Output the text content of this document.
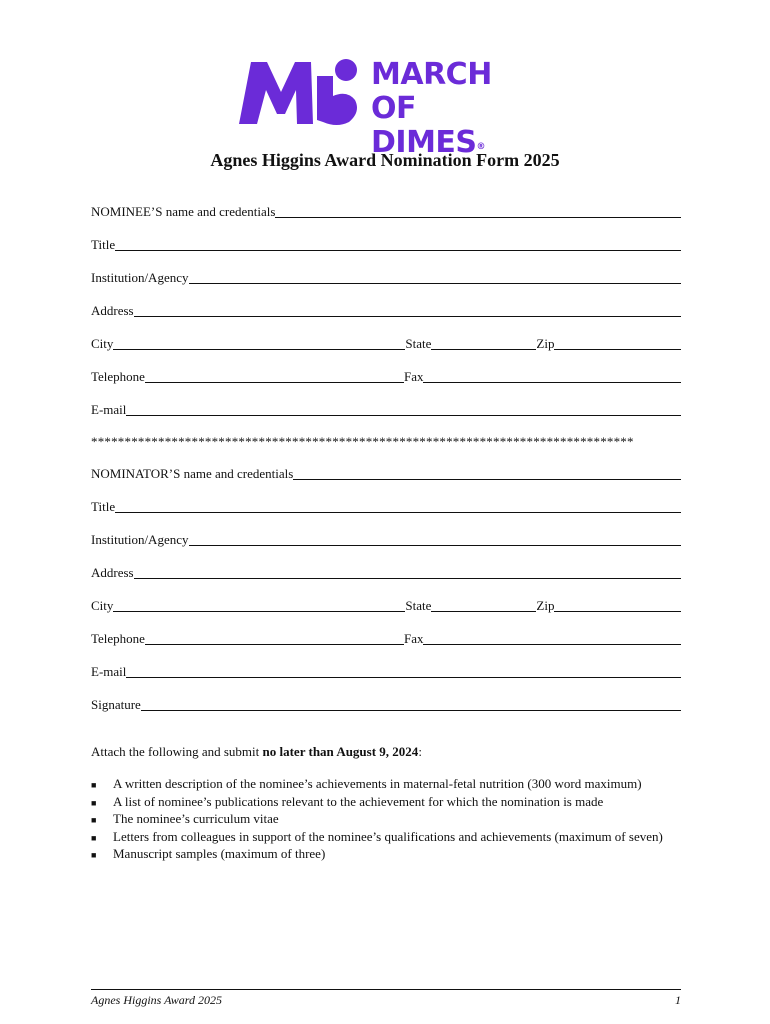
MARCH
OF DIMES®
Agnes Higgins Award Nomination Form 2025
NOMINEE’S name and credentials
Title
Institution/Agency
Address
City	State	Zip
Telephone	Fax
E-mail
*********************************************************************************
NOMINATOR’S name and credentials
Title
Institution/Agency
Address
City	State	Zip
Telephone	Fax
E-mail
Signature
Attach the following and submit no later than August 9, 2024:
■	A written description of the nominee’s achievements in maternal-fetal nutrition (300 word maximum)
■	A list of nominee’s publications relevant to the achievement for which the nomination is made
■	The nominee’s curriculum vitae
■	Letters from colleagues in support of the nominee’s qualifications and achievements (maximum of seven)
■	Manuscript samples (maximum of three)
Agnes Higgins Award 2025	1
